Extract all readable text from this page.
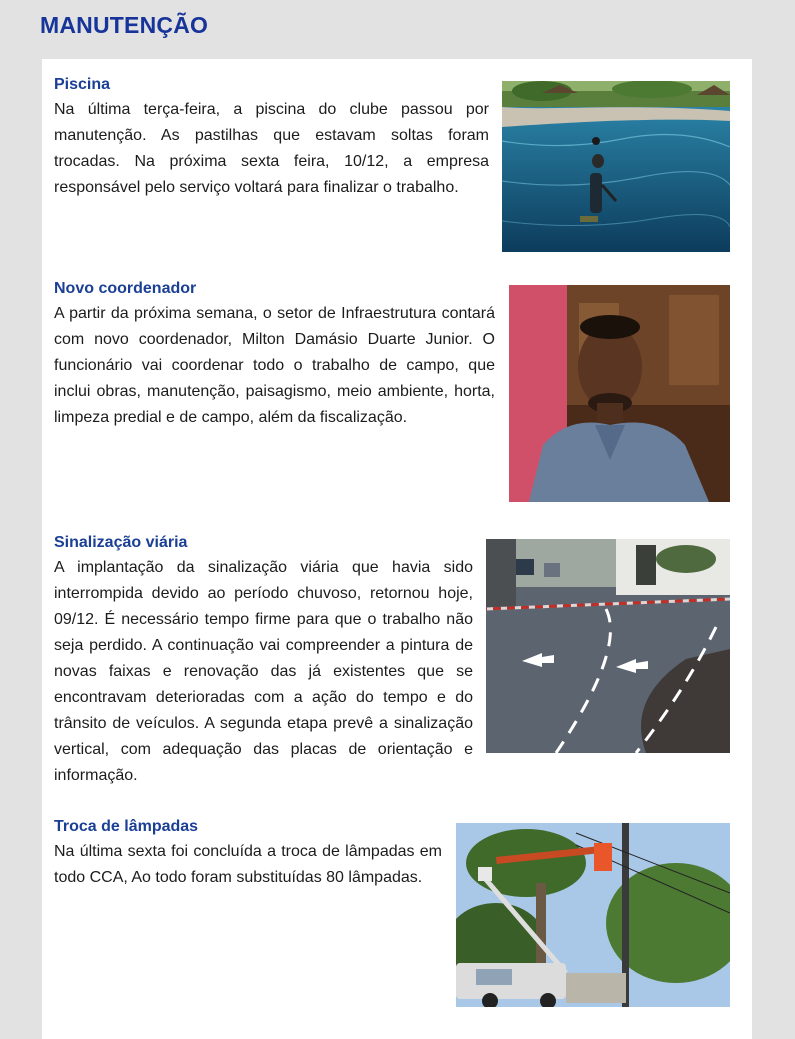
MANUTENÇÃO
Piscina

Na última terça-feira, a piscina do clube passou por manutenção. As pastilhas que estavam soltas foram trocadas. Na próxima sexta feira, 10/12, a empresa responsável pelo serviço voltará para finalizar o trabalho.

Novo coordenador

A partir da próxima semana, o setor de Infraestrutura contará com novo coordenador, Milton Damásio Duarte Junior. O funcionário vai coordenar todo o trabalho de campo, que inclui obras, manutenção, paisagismo, meio ambiente, horta, limpeza predial e de campo, além da fiscalização.

Sinalização viária

A implantação da sinalização viária que havia sido interrompida devido ao período chuvoso, retornou hoje, 09/12. É necessário tempo firme para que o trabalho não seja perdido. A continuação vai compreender a pintura de novas faixas e renovação das já existentes que se encontravam deterioradas com a ação do tempo e do trânsito de veículos. A segunda etapa prevê a sinalização vertical, com adequação das placas de orientação e informação.

Troca de lâmpadas

Na última sexta foi concluída a troca de lâmpadas em todo CCA, Ao todo foram substituídas 80 lâmpadas.
